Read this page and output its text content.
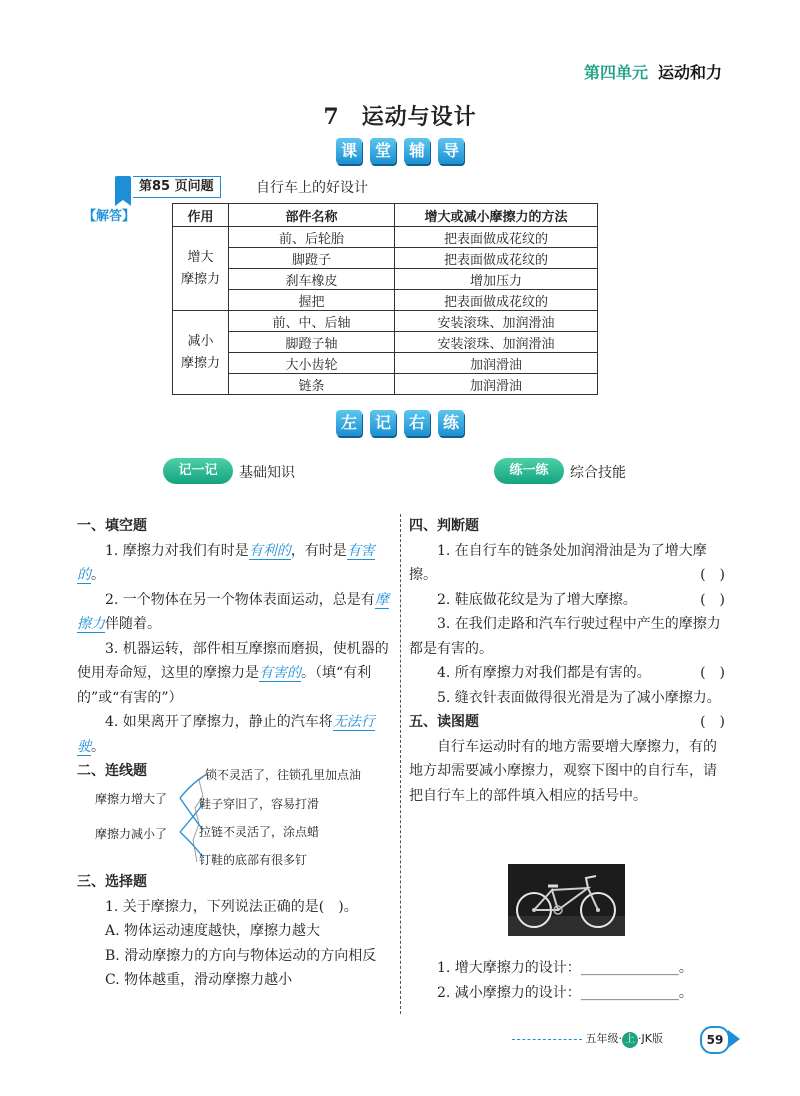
第四单元 运动和力
7 运动与设计
课 堂 辅 导
第85 页问题	自行车上的好设计
【解答】	作用	部件名称	增大或减小摩擦力的方法
增大
摩擦力	前、后轮胎	把表面做成花纹的
	脚蹬子	把表面做成花纹的
	刹车橡皮	增加压力
	握把	把表面做成花纹的
减小
摩擦力	前、中、后轴	安装滚珠、加润滑油
	脚蹬子轴	安装滚珠、加润滑油
	大小齿轮	加润滑油
	链条	加润滑油
左 记 右 练
记一记	基础知识	练一练	综合技能
一、填空题
1. 摩擦力对我们有时是有利的，有时是有害的。
2. 一个物体在另一个物体表面运动，总是有摩擦力伴随着。
3. 机器运转，部件相互摩擦而磨损，使机器的使用寿命短，这里的摩擦力是有害的。（填“有利的”或“有害的”）
4. 如果离开了摩擦力，静止的汽车将无法行驶。
二、连线题
摩擦力增大了
摩擦力减小了
锁不灵活了，往锁孔里加点油
鞋子穿旧了，容易打滑
拉链不灵活了，涂点蜡
钉鞋的底部有很多钉
三、选择题
1. 关于摩擦力，下列说法正确的是(　)。
A. 物体运动速度越快，摩擦力越大
B. 滑动摩擦力的方向与物体运动的方向相反
C. 物体越重，滑动摩擦力越小
四、判断题
1. 在自行车的链条处加润滑油是为了增大摩擦。	(　)
2. 鞋底做花纹是为了增大摩擦。	(　)
3. 在我们走路和汽车行驶过程中产生的摩擦力都是有害的。
4. 所有摩擦力对我们都是有害的。	(　)
5. 缝衣针表面做得很光滑是为了减小摩擦力。
(　)
五、读图题
自行车运动时有的地方需要增大摩擦力，有的地方却需要减小摩擦力，观察下图中的自行车，请把自行车上的部件填入相应的括号中。
1. 增大摩擦力的设计：______________。
2. 减小摩擦力的设计：______________。
五年级· 上 ·JK版	59
